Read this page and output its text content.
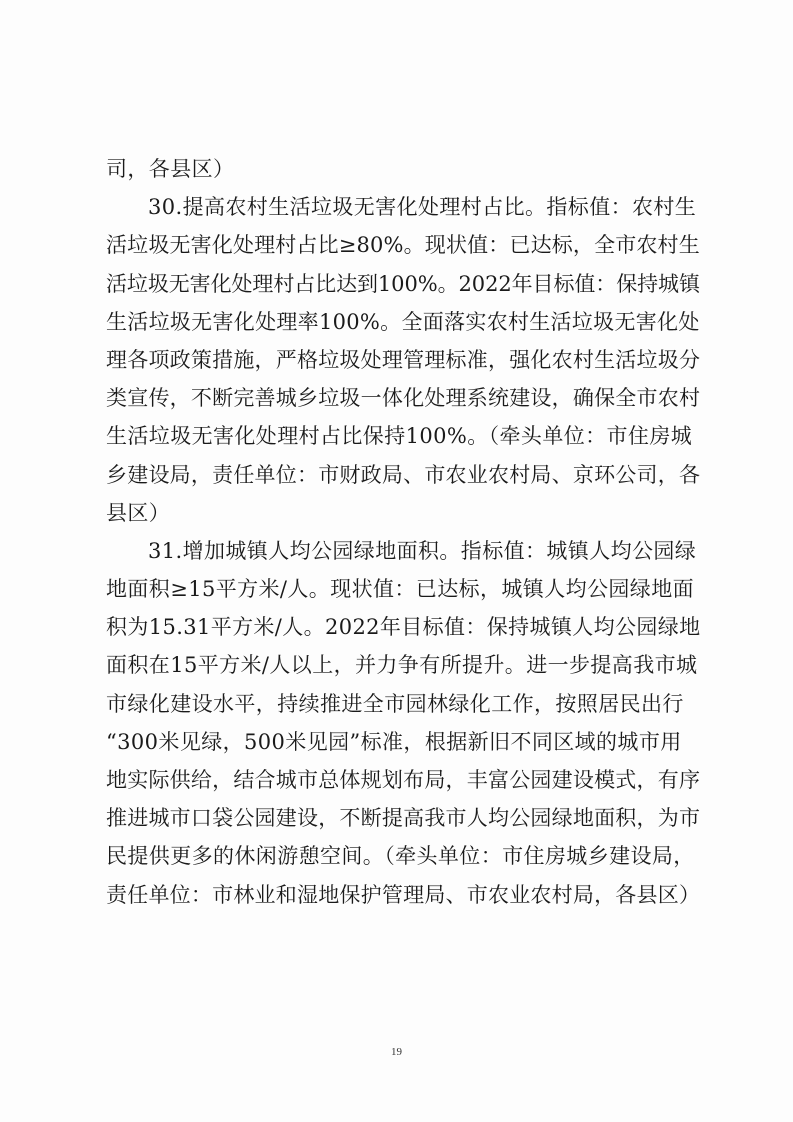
司，各县区）
30.提高农村生活垃圾无害化处理村占比。指标值：农村生
活垃圾无害化处理村占比≥80%。现状值：已达标，全市农村生
活垃圾无害化处理村占比达到100%。2022年目标值：保持城镇
生活垃圾无害化处理率100%。全面落实农村生活垃圾无害化处
理各项政策措施，严格垃圾处理管理标准，强化农村生活垃圾分
类宣传，不断完善城乡垃圾一体化处理系统建设，确保全市农村
生活垃圾无害化处理村占比保持100%。（牵头单位：市住房城
乡建设局，责任单位：市财政局、市农业农村局、京环公司，各
县区）
31.增加城镇人均公园绿地面积。指标值：城镇人均公园绿
地面积≥15平方米/人。现状值：已达标，城镇人均公园绿地面
积为15.31平方米/人。2022年目标值：保持城镇人均公园绿地
面积在15平方米/人以上，并力争有所提升。进一步提高我市城
市绿化建设水平，持续推进全市园林绿化工作，按照居民出行
“300米见绿，500米见园”标准，根据新旧不同区域的城市用
地实际供给，结合城市总体规划布局，丰富公园建设模式，有序
推进城市口袋公园建设，不断提高我市人均公园绿地面积，为市
民提供更多的休闲游憩空间。（牵头单位：市住房城乡建设局，
责任单位：市林业和湿地保护管理局、市农业农村局，各县区）
19
